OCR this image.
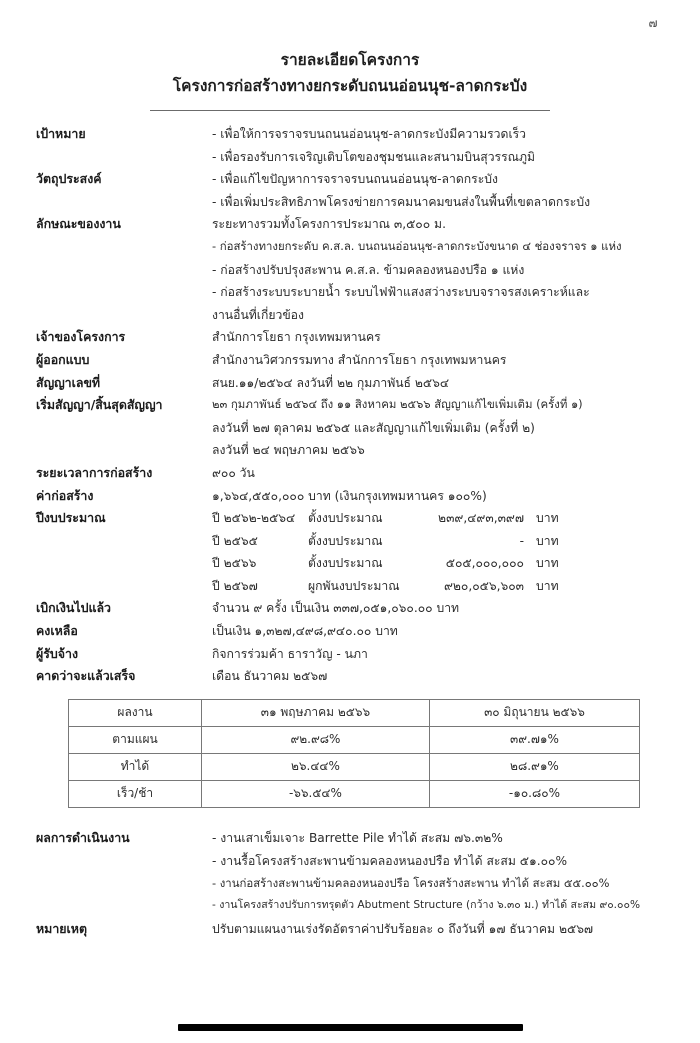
๗
รายละเอียดโครงการ
โครงการก่อสร้างทางยกระดับถนนอ่อนนุช-ลาดกระบัง
เป้าหมาย	- เพื่อให้การจราจรบนถนนอ่อนนุช-ลาดกระบังมีความรวดเร็ว
- เพื่อรองรับการเจริญเติบโตของชุมชนและสนามบินสุวรรณภูมิ
วัตถุประสงค์	- เพื่อแก้ไขปัญหาการจราจรบนถนนอ่อนนุช-ลาดกระบัง
- เพื่อเพิ่มประสิทธิภาพโครงข่ายการคมนาคมขนส่งในพื้นที่เขตลาดกระบัง
ลักษณะของงาน	ระยะทางรวมทั้งโครงการประมาณ ๓,๕๐๐ ม.
- ก่อสร้างทางยกระดับ ค.ส.ล. บนถนนอ่อนนุช-ลาดกระบังขนาด ๔ ช่องจราจร ๑ แห่ง
- ก่อสร้างปรับปรุงสะพาน ค.ส.ล. ข้ามคลองหนองปรือ ๑ แห่ง
- ก่อสร้างระบบระบายน้ำ ระบบไฟฟ้าแสงสว่างระบบจราจรสงเคราะห์และ
งานอื่นที่เกี่ยวข้อง
เจ้าของโครงการ	สำนักการโยธา กรุงเทพมหานคร
ผู้ออกแบบ	สำนักงานวิศวกรรมทาง สำนักการโยธา กรุงเทพมหานคร
สัญญาเลขที่	สนย.๑๑/๒๕๖๔ ลงวันที่ ๒๒ กุมภาพันธ์ ๒๕๖๔
เริ่มสัญญา/สิ้นสุดสัญญา	๒๓ กุมภาพันธ์ ๒๕๖๔ ถึง ๑๑ สิงหาคม ๒๕๖๖ สัญญาแก้ไขเพิ่มเติม (ครั้งที่ ๑)
ลงวันที่ ๒๗ ตุลาคม ๒๕๖๕ และสัญญาแก้ไขเพิ่มเติม (ครั้งที่ ๒)
ลงวันที่ ๒๔ พฤษภาคม ๒๕๖๖
ระยะเวลาการก่อสร้าง	๙๐๐ วัน
ค่าก่อสร้าง	๑,๖๖๔,๕๕๐,๐๐๐ บาท (เงินกรุงเทพมหานคร ๑๐๐%)
ปีงบประมาณ	ปี ๒๕๖๒-๒๕๖๔	ตั้งงบประมาณ	๒๓๙,๔๙๓,๓๙๗ บาท
ปี ๒๕๖๕	ตั้งงบประมาณ	- บาท
ปี ๒๕๖๖	ตั้งงบประมาณ	๕๐๕,๐๐๐,๐๐๐ บาท
ปี ๒๕๖๗	ผูกพันงบประมาณ	๙๒๐,๐๕๖,๖๐๓ บาท
เบิกเงินไปแล้ว	จำนวน ๙ ครั้ง เป็นเงิน ๓๓๗,๐๕๑,๐๖๐.๐๐ บาท
คงเหลือ	เป็นเงิน ๑,๓๒๗,๔๙๘,๙๔๐.๐๐ บาท
ผู้รับจ้าง	กิจการร่วมค้า ธาราวัญ - นภา
คาดว่าจะแล้วเสร็จ	เดือน ธันวาคม ๒๕๖๗
ผลงาน	๓๑ พฤษภาคม ๒๕๖๖	๓๐ มิถุนายน ๒๕๖๖
ตามแผน	๙๒.๙๘%	๓๙.๗๑%
ทำได้	๒๖.๔๔%	๒๘.๙๑%
เร็ว/ช้า	-๖๖.๕๔%	-๑๐.๘๐%
ผลการดำเนินงาน	- งานเสาเข็มเจาะ Barrette Pile ทำได้ สะสม ๗๖.๓๒%
- งานรื้อโครงสร้างสะพานข้ามคลองหนองปรือ ทำได้ สะสม ๕๑.๐๐%
- งานก่อสร้างสะพานข้ามคลองหนองปรือ โครงสร้างสะพาน ทำได้ สะสม ๕๕.๐๐%
- งานโครงสร้างปรับการทรุดตัว Abutment Structure (กว้าง ๖.๓๐ ม.) ทำได้ สะสม ๙๐.๐๐%
หมายเหตุ	ปรับตามแผนงานเร่งรัดอัตราค่าปรับร้อยละ ๐ ถึงวันที่ ๑๗ ธันวาคม ๒๕๖๗
